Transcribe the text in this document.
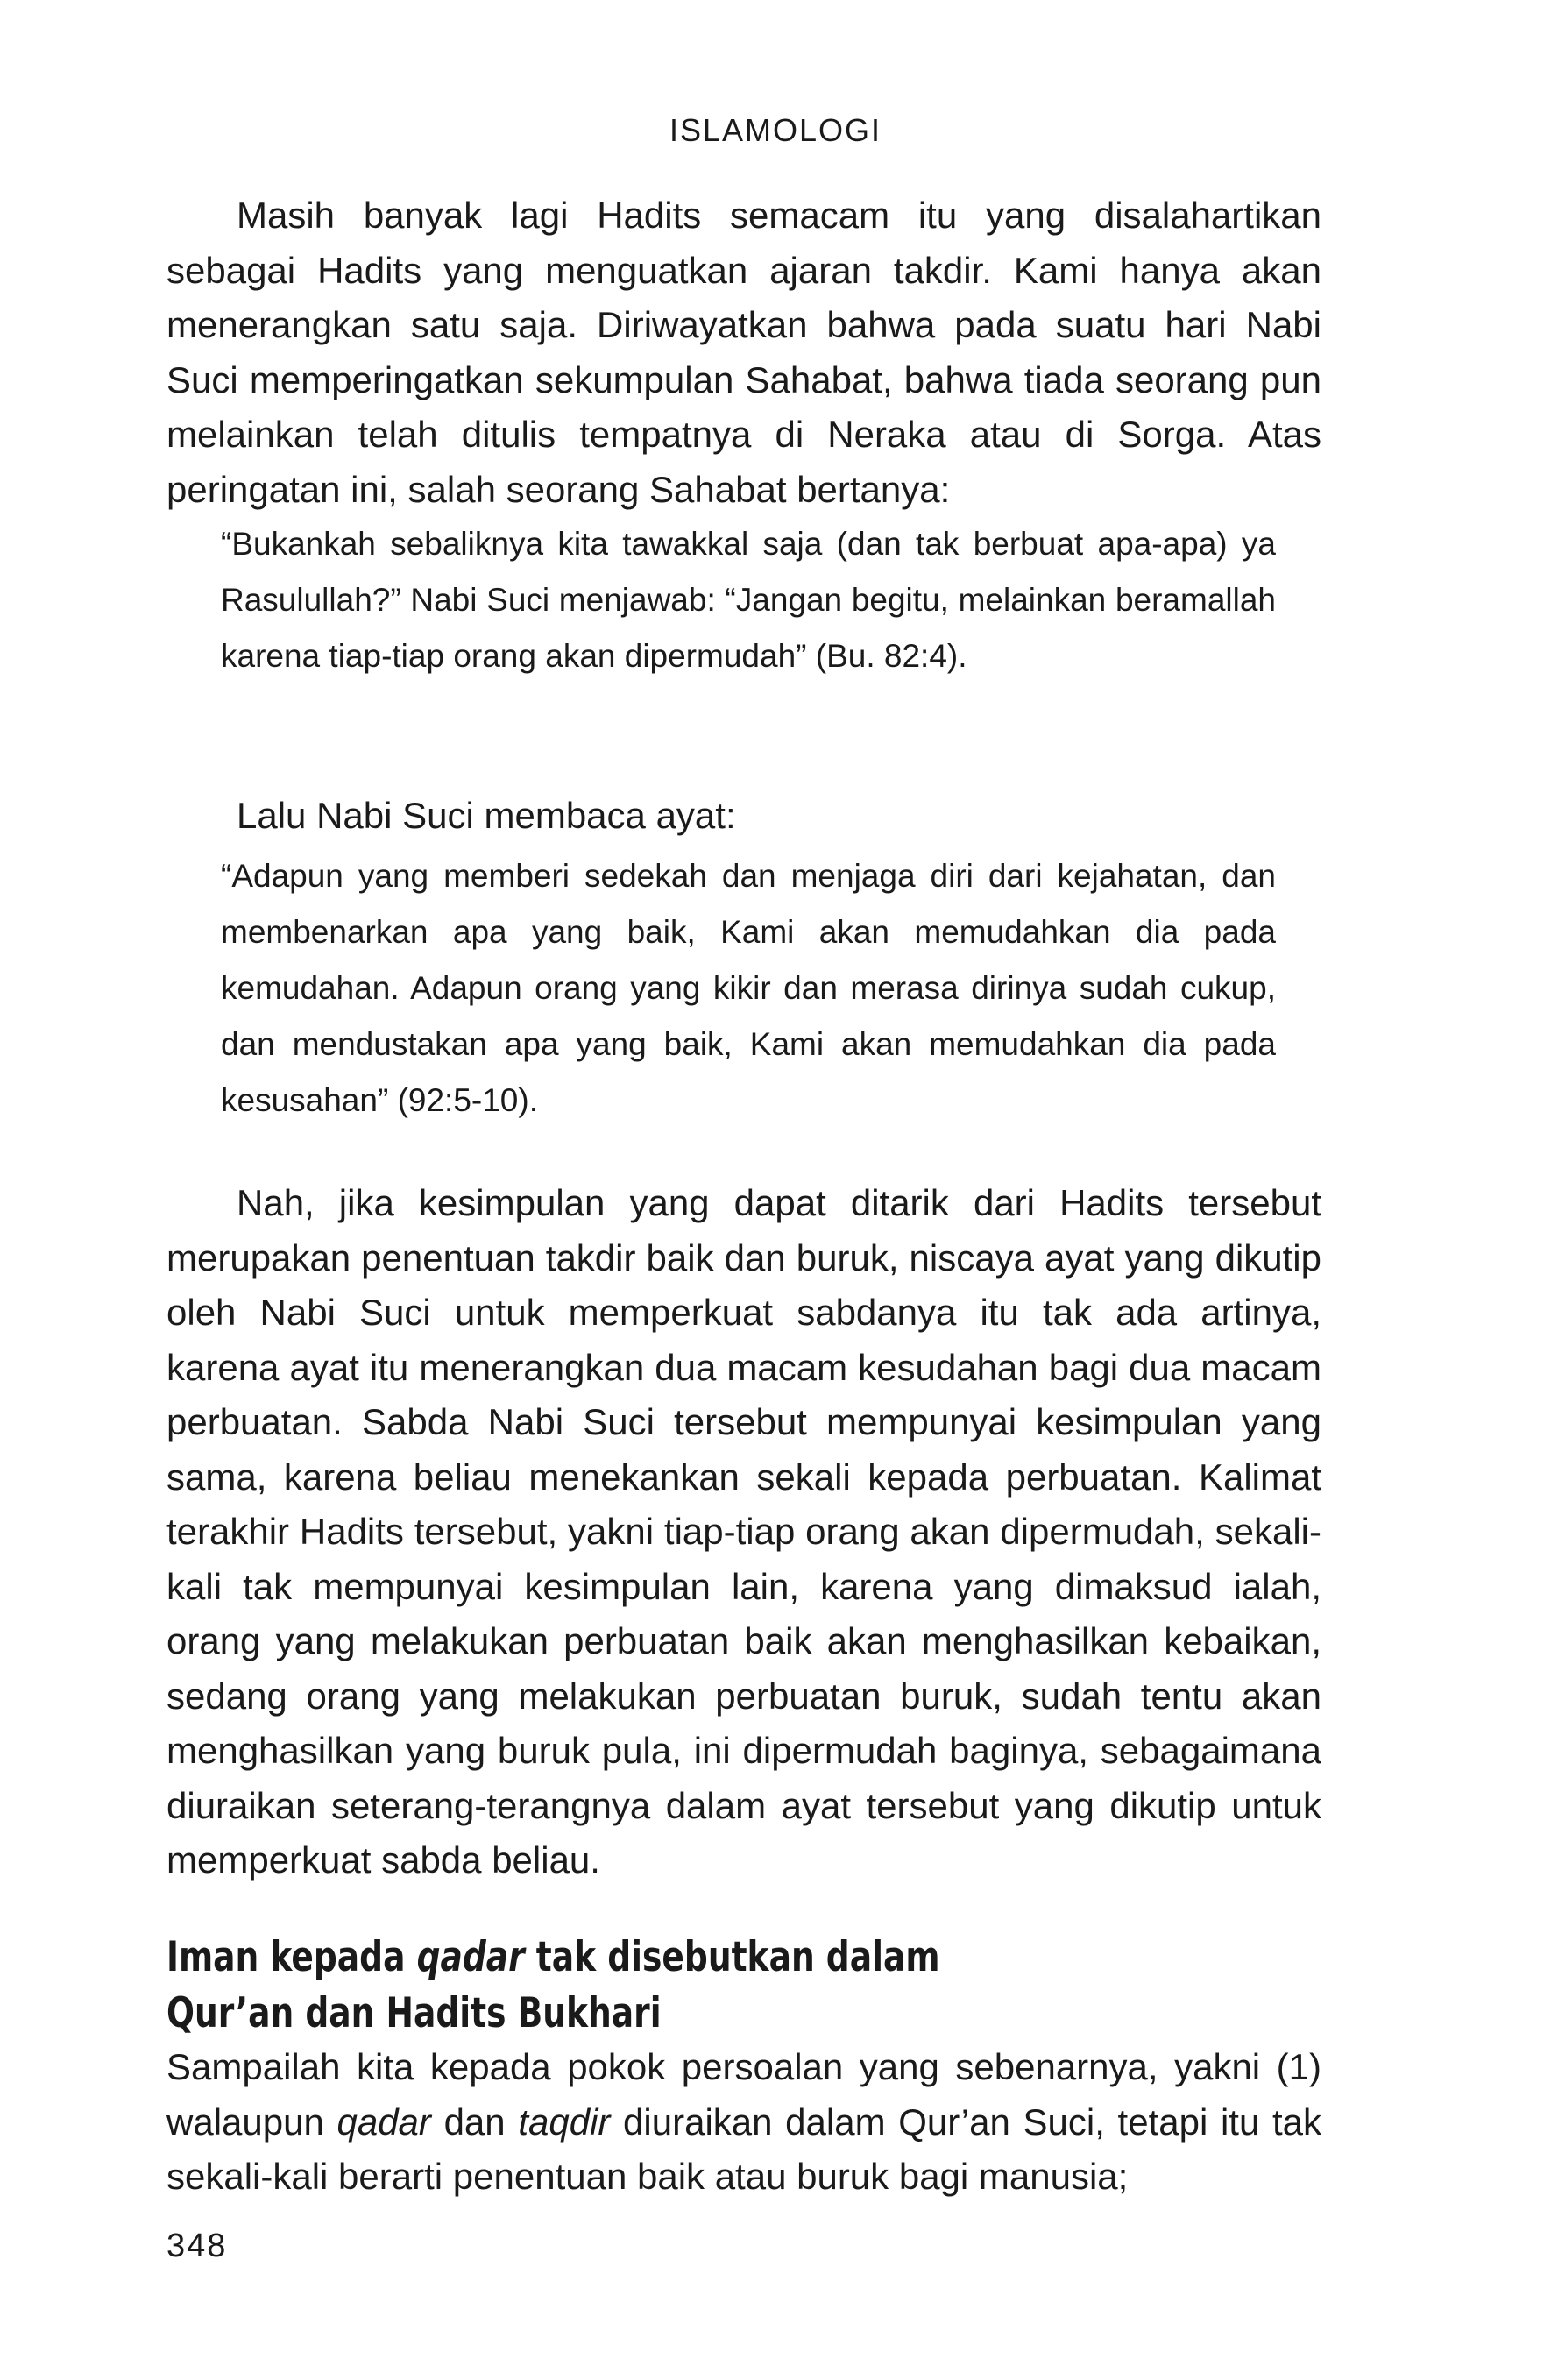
ISLAMOLOGI

Masih banyak lagi Hadits semacam itu yang disalahartikan sebagai Hadits yang menguatkan ajaran takdir. Kami hanya akan menerangkan satu saja. Diriwayatkan bahwa pada suatu hari Nabi Suci memperingatkan sekumpulan Sahabat, bahwa tiada seorang pun melainkan telah ditulis tempatnya di Neraka atau di Sorga. Atas peringatan ini, salah seorang Sahabat bertanya:

“Bukankah sebaliknya kita tawakkal saja (dan tak berbuat apa-apa) ya Rasulullah?” Nabi Suci menjawab: “Jangan begitu, melainkan beramallah karena tiap-tiap orang akan dipermudah” (Bu. 82:4).

Lalu Nabi Suci membaca ayat:

“Adapun yang memberi sedekah dan menjaga diri dari kejahatan, dan membenarkan apa yang baik, Kami akan memudahkan dia pada kemudahan. Adapun orang yang kikir dan merasa dirinya sudah cukup, dan mendustakan apa yang baik, Kami akan memudahkan dia pada kesusahan” (92:5-10).

Nah, jika kesimpulan yang dapat ditarik dari Hadits tersebut merupakan penentuan takdir baik dan buruk, niscaya ayat yang dikutip oleh Nabi Suci untuk memperkuat sabdanya itu tak ada artinya, karena ayat itu menerangkan dua macam kesudahan bagi dua macam perbuatan. Sabda Nabi Suci tersebut mempunyai kesimpulan yang sama, karena beliau menekankan sekali kepada perbuatan. Kalimat terakhir Hadits tersebut, yakni tiap-tiap orang akan dipermudah, sekali-kali tak mempunyai kesimpulan lain, karena yang dimaksud ialah, orang yang melakukan perbuatan baik akan menghasilkan kebaikan, sedang orang yang melakukan perbuatan buruk, sudah tentu akan menghasilkan yang buruk pula, ini dipermudah baginya, sebagaimana diuraikan seterang-terangnya dalam ayat tersebut yang dikutip untuk memperkuat sabda beliau.

Iman kepada qadar tak disebutkan dalam Qur’an dan Hadits Bukhari

Sampailah kita kepada pokok persoalan yang sebenarnya, yakni (1) walaupun qadar dan taqdir diuraikan dalam Qur’an Suci, tetapi itu tak sekali-kali berarti penentuan baik atau buruk bagi manusia;

348
